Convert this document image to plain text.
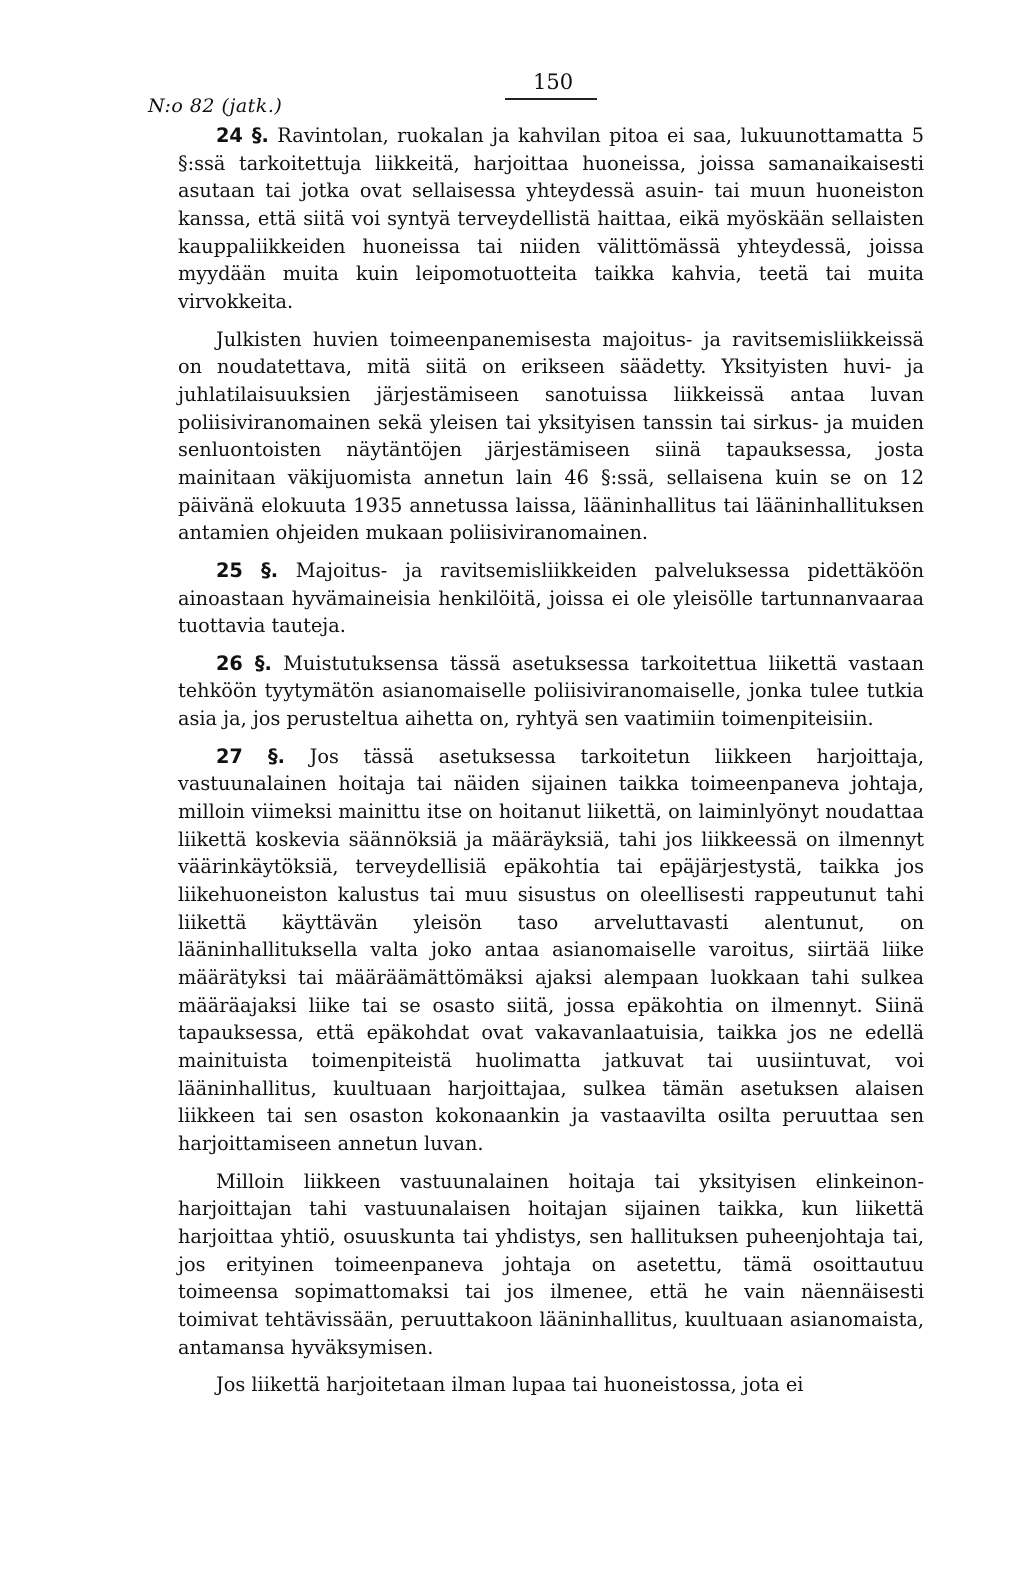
N:o 82 (jatk.)
150

24 §. Ravintolan, ruokalan ja kahvilan pitoa ei saa, lukuunottamatta 5 §:ssä tarkoitettuja liikkeitä, harjoittaa huoneissa, joissa samanaikaisesti asutaan tai jotka ovat sellaisessa yhteydessä asuin- tai muun huoneiston kanssa, että siitä voi syntyä terveydellistä haittaa, eikä myöskään sellaisten kauppaliikkeiden huoneissa tai niiden välittömässä yhteydessä, joissa myydään muita kuin leipomotuotteita taikka kahvia, teetä tai muita virvokkeita.

Julkisten huvien toimeenpanemisesta majoitus- ja ravitsemisliikkeissä on noudatettava, mitä siitä on erikseen säädetty. Yksityisten huvi- ja juhlatilaisuuksien järjestämiseen sanotuissa liikkeissä antaa luvan poliisiviranomainen sekä yleisen tai yksityisen tanssin tai sirkus- ja muiden senluontoisten näytäntöjen järjestämiseen siinä tapauksessa, josta mainitaan väkijuomista annetun lain 46 §:ssä, sellaisena kuin se on 12 päivänä elokuuta 1935 annetussa laissa, lääninhallitus tai lääninhallituksen antamien ohjeiden mukaan poliisiviranomainen.

25 §. Majoitus- ja ravitsemisliikkeiden palveluksessa pidettäköön ainoastaan hyvämaineisia henkilöitä, joissa ei ole yleisölle tartunnanvaaraa tuottavia tauteja.

26 §. Muistutuksensa tässä asetuksessa tarkoitettua liikettä vastaan tehköön tyytymätön asianomaiselle poliisiviranomaiselle, jonka tulee tutkia asia ja, jos perusteltua aihetta on, ryhtyä sen vaatimiin toimenpiteisiin.

27 §. Jos tässä asetuksessa tarkoitetun liikkeen harjoittaja, vastuunalainen hoitaja tai näiden sijainen taikka toimeenpaneva johtaja, milloin viimeksi mainittu itse on hoitanut liikettä, on laiminlyönyt noudattaa liikettä koskevia säännöksiä ja määräyksiä, tahi jos liikkeessä on ilmennyt väärinkäytöksiä, terveydellisiä epäkohtia tai epäjärjestystä, taikka jos liikehuoneiston kalustus tai muu sisustus on oleellisesti rappeutunut tahi liikettä käyttävän yleisön taso arveluttavasti alentunut, on lääninhallituksella valta joko antaa asianomaiselle varoitus, siirtää liike määrätyksi tai määräämättömäksi ajaksi alempaan luokkaan tahi sulkea määräajaksi liike tai se osasto siitä, jossa epäkohtia on ilmennyt. Siinä tapauksessa, että epäkohdat ovat vakavanlaatuisia, taikka jos ne edellä mainituista toimenpiteistä huolimatta jatkuvat tai uusiintuvat, voi lääninhallitus, kuultuaan harjoittajaa, sulkea tämän asetuksen alaisen liikkeen tai sen osaston kokonaankin ja vastaavilta osilta peruuttaa sen harjoittamiseen annetun luvan.

Milloin liikkeen vastuunalainen hoitaja tai yksityisen elinkeinonharjoittajan tahi vastuunalaisen hoitajan sijainen taikka, kun liikettä harjoittaa yhtiö, osuuskunta tai yhdistys, sen hallituksen puheenjohtaja tai, jos erityinen toimeenpaneva johtaja on asetettu, tämä osoittautuu toimeensa sopimattomaksi tai jos ilmenee, että he vain näennäisesti toimivat tehtävissään, peruuttakoon lääninhallitus, kuultuaan asianomaista, antamansa hyväksymisen.

Jos liikettä harjoitetaan ilman lupaa tai huoneistossa, jota ei
